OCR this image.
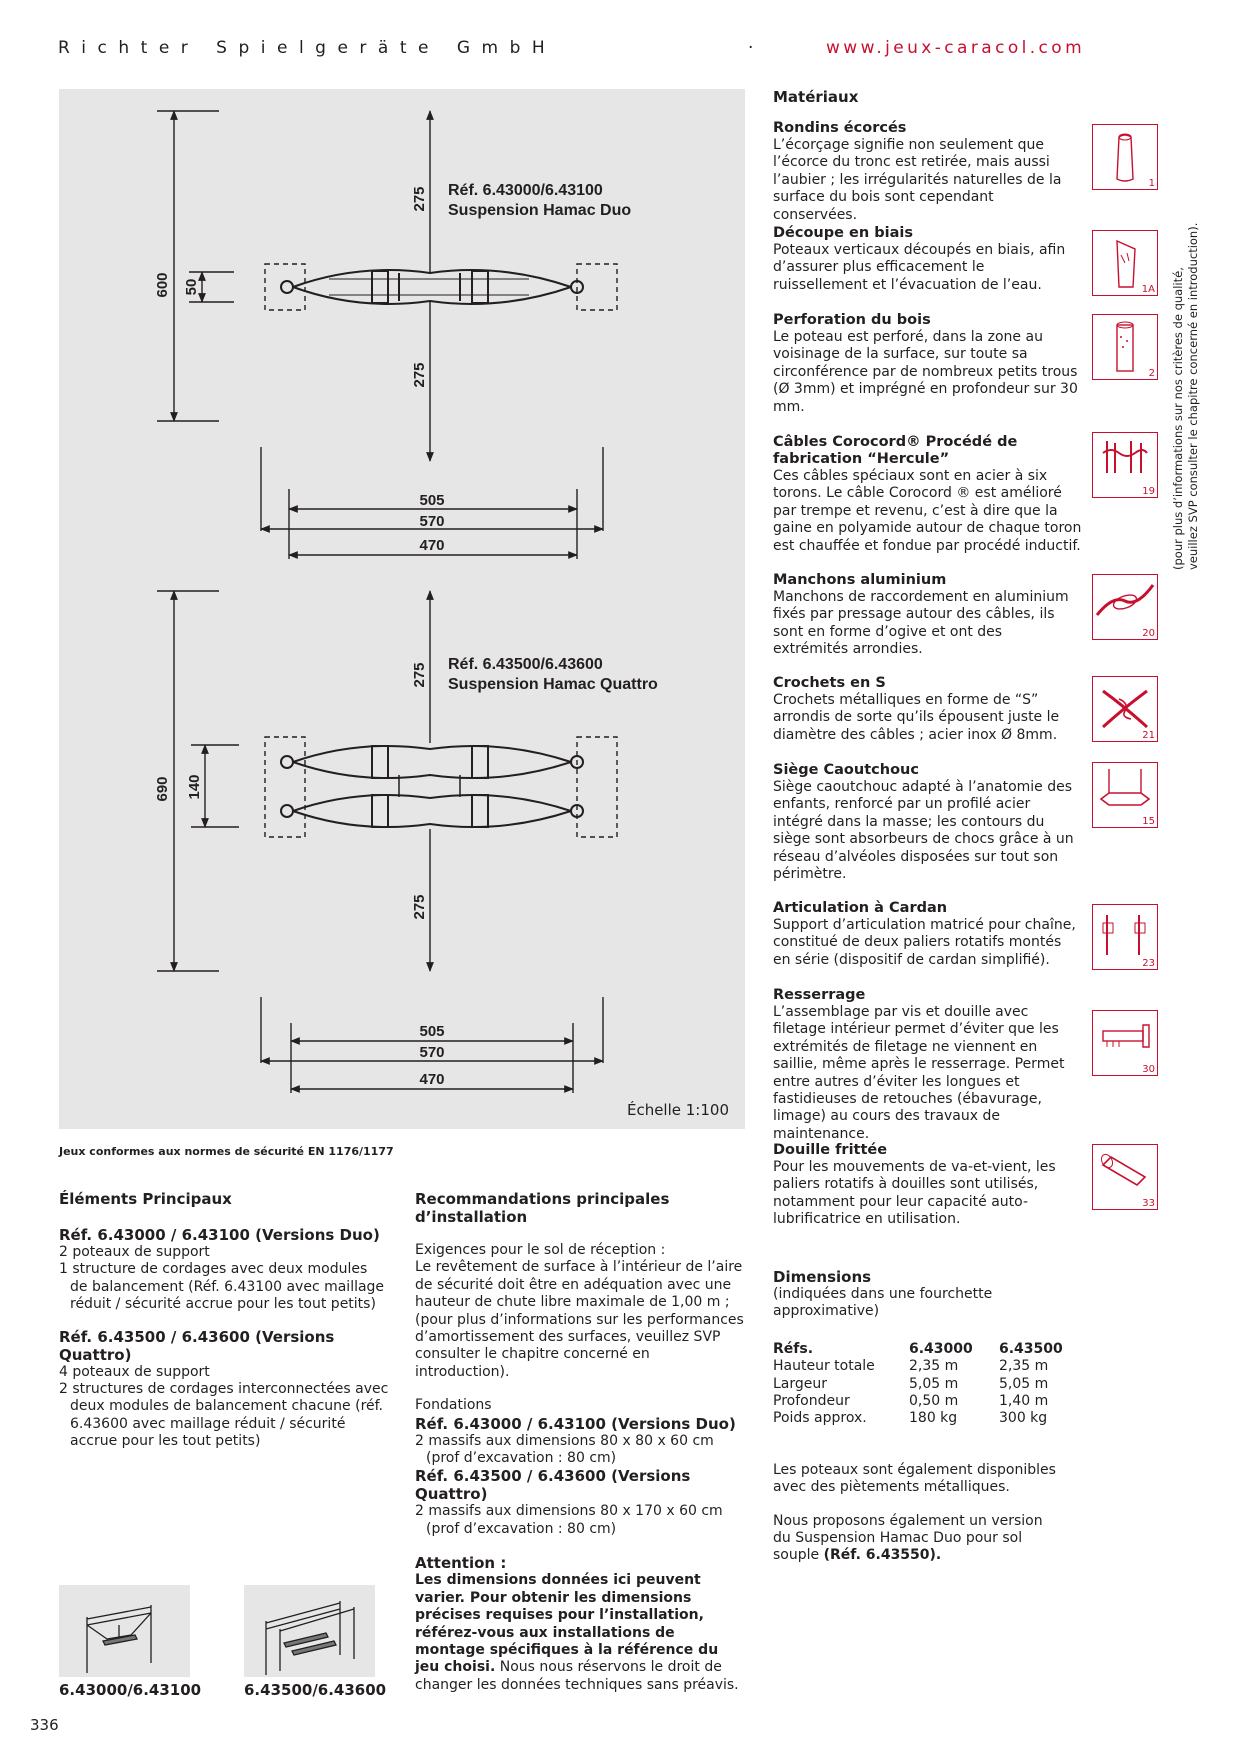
Richter Spielgeräte GmbH	·	www.jeux-caracol.com
600 50
275
275
505
570
470
690 140
275
275
505
570
470
Réf. 6.43000/6.43100
Suspension Hamac Duo
Réf. 6.43500/6.43600
Suspension Hamac Quattro
Échelle 1:100
Jeux conformes aux normes de sécurité EN 1176/1177
Éléments Principaux
Réf. 6.43000 / 6.43100 (Versions Duo)
2 poteaux de support
1 structure de cordages avec deux modules de balancement (Réf. 6.43100 avec maillage réduit / sécurité accrue pour les tout petits)
Réf. 6.43500 / 6.43600 (Versions Quattro)
4 poteaux de support
2 structures de cordages interconnectées avec deux modules de balancement chacune (réf. 6.43600 avec maillage réduit / sécurité accrue pour les tout petits)
Recommandations principales d’installation
Exigences pour le sol de réception :
Le revêtement de surface à l’intérieur de l’aire de sécurité doit être en adéquation avec une hauteur de chute libre maximale de 1,00 m ; (pour plus d’informations sur les performances d’amortissement des surfaces, veuillez SVP consulter le chapitre concerné en introduction).
Fondations
Réf. 6.43000 / 6.43100 (Versions Duo)
2 massifs aux dimensions 80 x 80 x 60 cm (prof d’excavation : 80 cm)
Réf. 6.43500 / 6.43600 (Versions Quattro)
2 massifs aux dimensions 80 x 170 x 60 cm (prof d’excavation : 80 cm)
Attention :
Les dimensions données ici peuvent varier. Pour obtenir les dimensions précises requises pour l’installation, référez-vous aux installations de montage spécifiques à la référence du jeu choisi. Nous nous réservons le droit de changer les données techniques sans préavis.
Matériaux
Rondins écorcés
L’écorçage signifie non seulement que l’écorce du tronc est retirée, mais aussi l’aubier ; les irrégularités naturelles de la surface du bois sont cependant conservées.
Découpe en biais
Poteaux verticaux découpés en biais, afin d’assurer plus efficacement le ruissellement et l’évacuation de l’eau.
Perforation du bois
Le poteau est perforé, dans la zone au voisinage de la surface, sur toute sa circonférence par de nombreux petits trous (Ø 3mm) et imprégné en profondeur sur 30 mm.
Câbles Corocord® Procédé de fabrication “Hercule”
Ces câbles spéciaux sont en acier à six torons. Le câble Corocord ® est amélioré par trempe et revenu, c’est à dire que la gaine en polyamide autour de chaque toron est chauffée et fondue par procédé inductif.
Manchons aluminium
Manchons de raccordement en aluminium fixés par pressage autour des câbles, ils sont en forme d’ogive et ont des extrémités arrondies.
Crochets en S
Crochets métalliques en forme de “S” arrondis de sorte qu’ils épousent juste le diamètre des câbles ; acier inox Ø 8mm.
Siège Caoutchouc
Siège caoutchouc adapté à l’anatomie des enfants, renforcé par un profilé acier intégré dans la masse; les contours du siège sont absorbeurs de chocs grâce à un réseau d’alvéoles disposées sur tout son périmètre.
Articulation à Cardan
Support d’articulation matricé pour chaîne, constitué de deux paliers rotatifs montés en série (dispositif de cardan simplifié).
Resserrage
L’assemblage par vis et douille avec filetage intérieur permet d’éviter que les extrémités de filetage ne viennent en saillie, même après le resserrage. Permet entre autres d’éviter les longues et fastidieuses de retouches (ébavurage, limage) au cours des travaux de maintenance.
Douille frittée
Pour les mouvements de va-et-vient, les paliers rotatifs à douilles sont utilisés, notamment pour leur capacité auto-lubrificatrice en utilisation.
Dimensions
(indiquées dans une fourchette approximative)
Réfs.	6.43000	6.43500
Hauteur totale	2,35 m	2,35 m
Largeur	5,05 m	5,05 m
Profondeur	0,50 m	1,40 m
Poids approx.	180 kg	300 kg
Les poteaux sont également disponibles avec des piètements métalliques.
Nous proposons également un version du Suspension Hamac Duo pour sol souple (Réf. 6.43550).
(pour plus d’informations sur nos critères de qualité, veuillez SVP consulter le chapitre concerné en introduction).
6.43000/6.43100	6.43500/6.43600
336
1
1A
2
19
20
21
15
23
30
33
